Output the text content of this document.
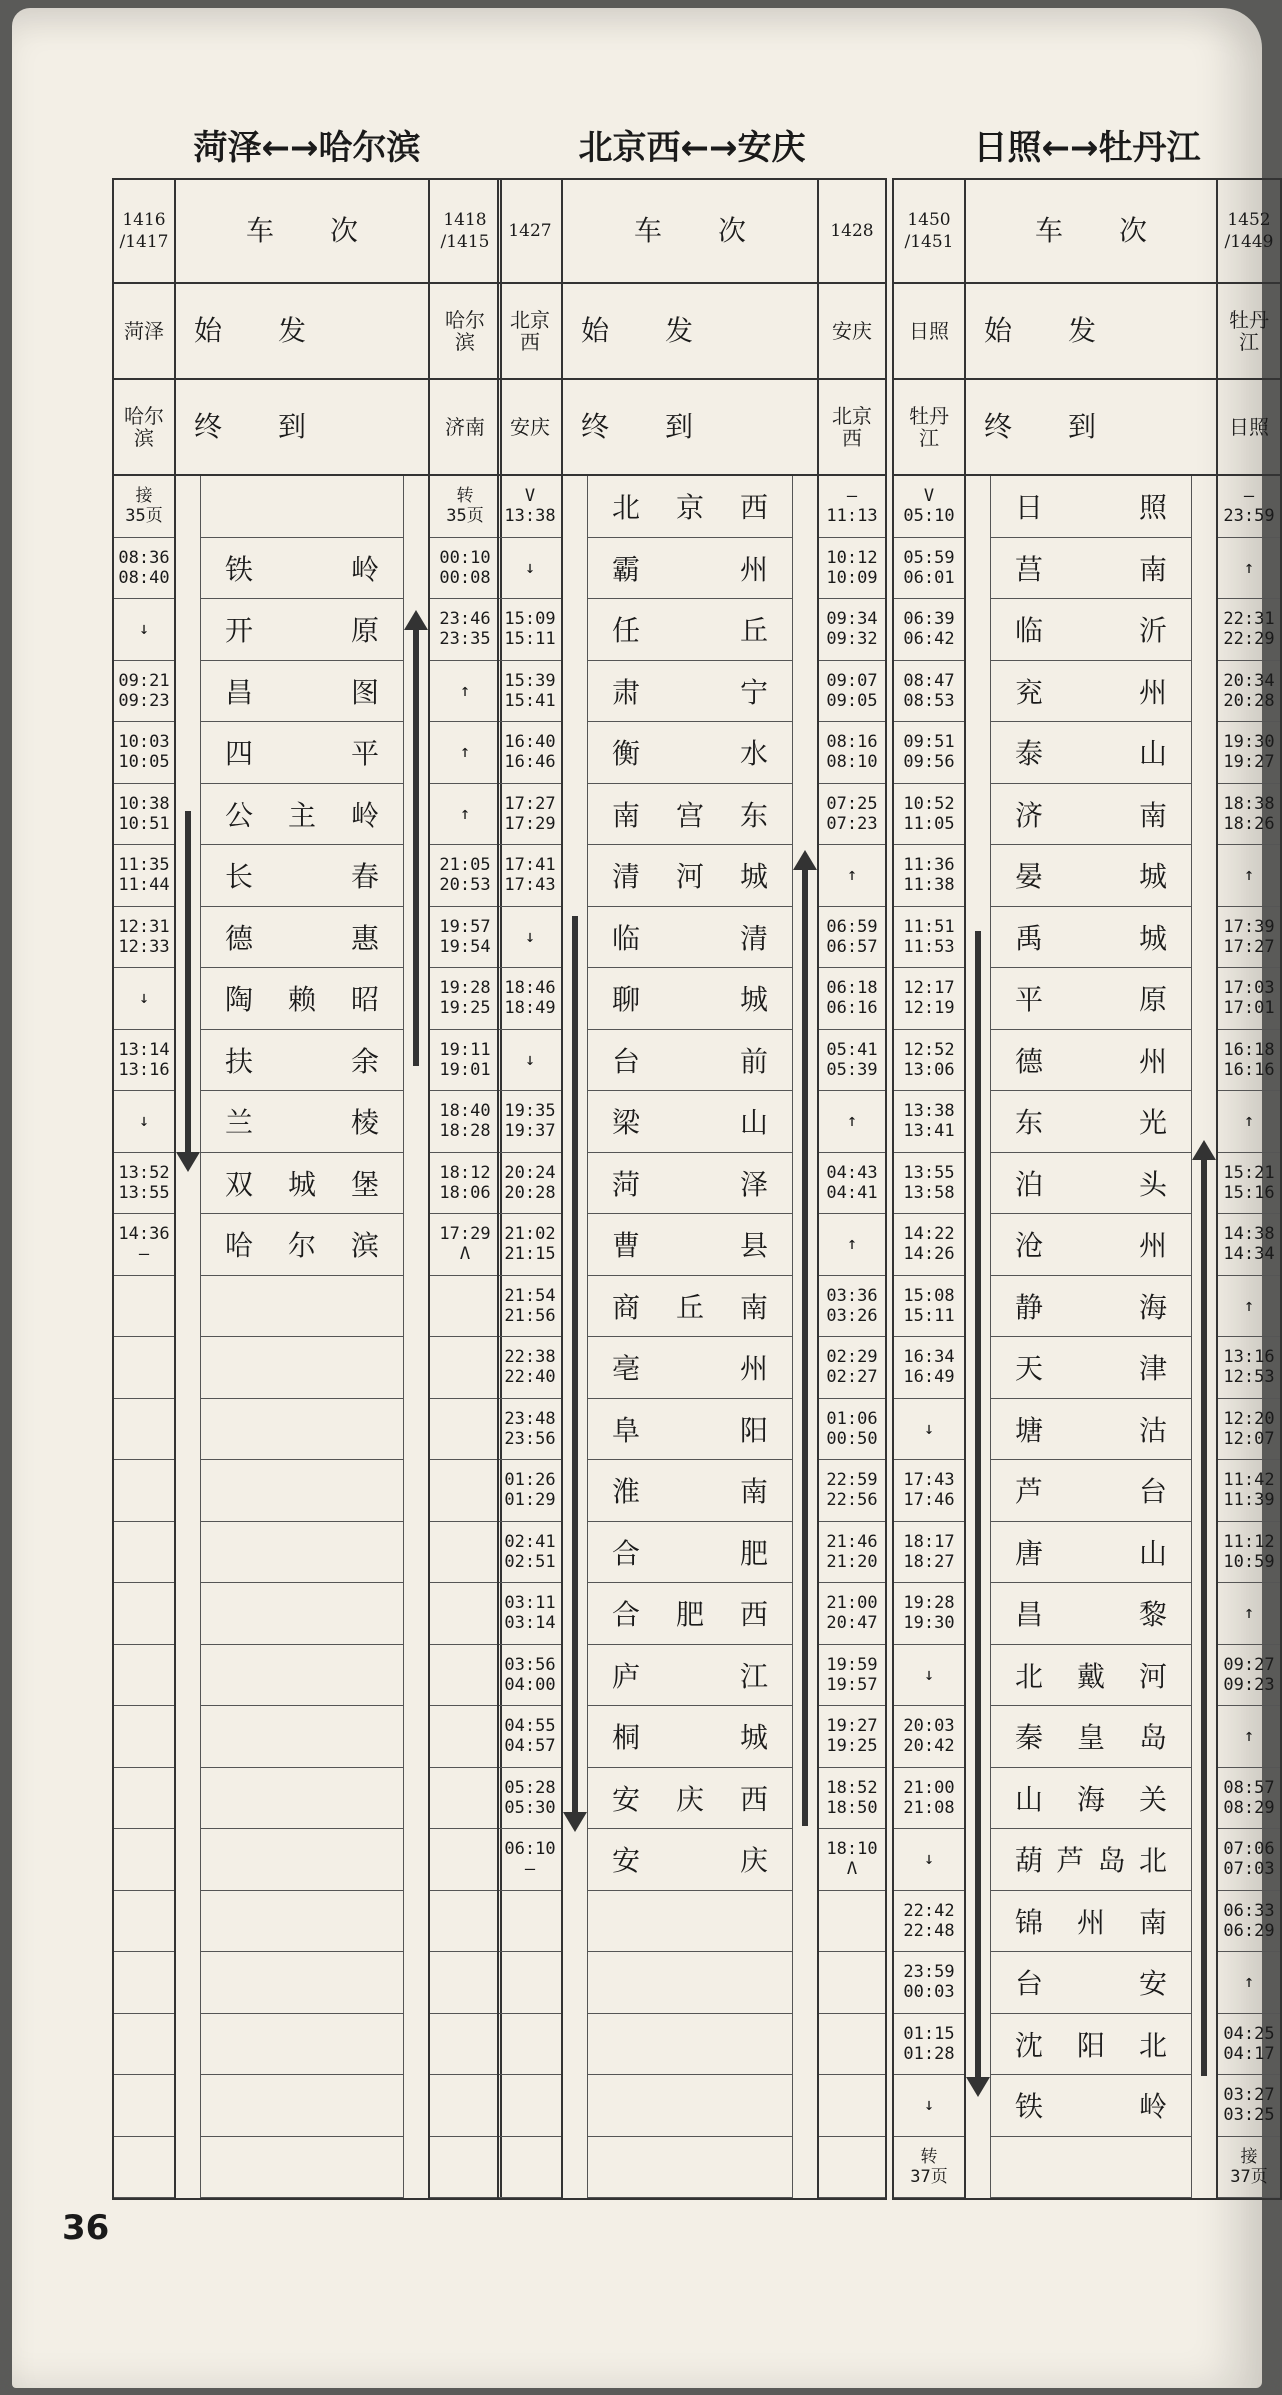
菏泽←→哈尔滨
1416
/1417
菏泽
哈尔
滨
车　　次
始　　发
终　　到
1418
/1415
哈尔
滨
济南
接
35页
08:36
08:40
↓
09:21
09:23
10:03
10:05
10:38
10:51
11:35
11:44
12:31
12:33
↓
13:14
13:16
↓
13:52
13:55
14:36
–
铁岭
开原
昌图
四平
公主岭
长春
德惠
陶赖昭
扶余
兰棱
双城堡
哈尔滨
转
35页
00:10
00:08
23:46
23:35
↑
↑
↑
21:05
20:53
19:57
19:54
19:28
19:25
19:11
19:01
18:40
18:28
18:12
18:06
17:29
Λ
北京西←→安庆
1427
北京
西
安庆
车　　次
始　　发
终　　到
1428
安庆
北京
西
V
13:38
↓
15:09
15:11
15:39
15:41
16:40
16:46
17:27
17:29
17:41
17:43
↓
18:46
18:49
↓
19:35
19:37
20:24
20:28
21:02
21:15
21:54
21:56
22:38
22:40
23:48
23:56
01:26
01:29
02:41
02:51
03:11
03:14
03:56
04:00
04:55
04:57
05:28
05:30
06:10
–
北京西
霸州
任丘
肃宁
衡水
南宫东
清河城
临清
聊城
台前
梁山
菏泽
曹县
商丘南
亳州
阜阳
淮南
合肥
合肥西
庐江
桐城
安庆西
安庆
–
11:13
10:12
10:09
09:34
09:32
09:07
09:05
08:16
08:10
07:25
07:23
↑
06:59
06:57
06:18
06:16
05:41
05:39
↑
04:43
04:41
↑
03:36
03:26
02:29
02:27
01:06
00:50
22:59
22:56
21:46
21:20
21:00
20:47
19:59
19:57
19:27
19:25
18:52
18:50
18:10
Λ
日照←→牡丹江
1450
/1451
日照
牡丹
江
车　　次
始　　发
终　　到
1452
/1449
牡丹
江
日照
V
05:10
05:59
06:01
06:39
06:42
08:47
08:53
09:51
09:56
10:52
11:05
11:36
11:38
11:51
11:53
12:17
12:19
12:52
13:06
13:38
13:41
13:55
13:58
14:22
14:26
15:08
15:11
16:34
16:49
↓
17:43
17:46
18:17
18:27
19:28
19:30
↓
20:03
20:42
21:00
21:08
↓
22:42
22:48
23:59
00:03
01:15
01:28
↓
转
37页
日照
莒南
临沂
兖州
泰山
济南
晏城
禹城
平原
德州
东光
泊头
沧州
静海
天津
塘沽
芦台
唐山
昌黎
北戴河
秦皇岛
山海关
葫芦岛北
锦州南
台安
沈阳北
铁岭
–
23:59
↑
22:31
22:29
20:34
20:28
19:30
19:27
18:38
18:26
↑
17:39
17:27
17:03
17:01
16:18
16:16
↑
15:21
15:16
14:38
14:34
↑
13:16
12:53
12:20
12:07
11:42
11:39
11:12
10:59
↑
09:27
09:23
↑
08:57
08:29
07:06
07:03
06:33
06:29
↑
04:25
04:17
03:27
03:25
接
37页
36
